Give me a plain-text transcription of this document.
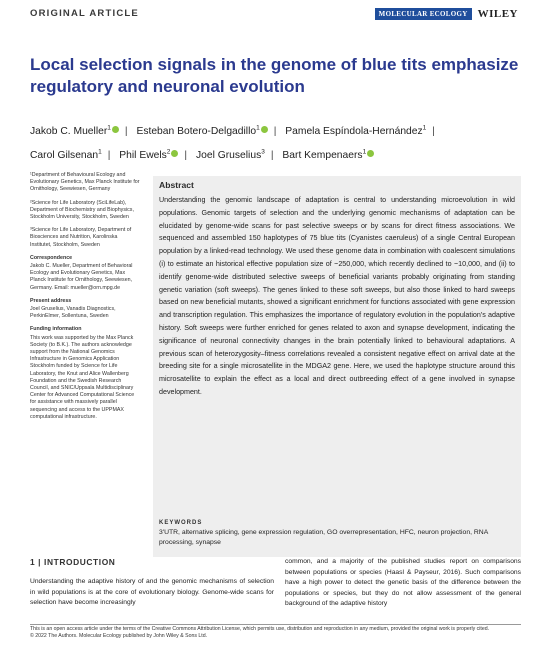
ORIGINAL ARTICLE	MOLECULAR ECOLOGY WILEY
Local selection signals in the genome of blue tits emphasize regulatory and neuronal evolution
Jakob C. Mueller$^1$ | Esteban Botero-Delgadillo$^1$ | Pamela Espíndola-Hernández$^1$ |
Carol Gilsenan$^1$ | Phil Ewels$^2$ | Joel Gruselius$^3$ | Bart Kempenaers$^1$
¹Department of Behavioural Ecology and Evolutionary Genetics, Max Planck Institute for Ornithology, Seewiesen, Germany
²Science for Life Laboratory (SciLifeLab), Department of Biochemistry and Biophysics, Stockholm University, Stockholm, Sweden
³Science for Life Laboratory, Department of Biosciences and Nutrition, Karolinska Institutet, Stockholm, Sweden
Correspondence
Jakob C. Mueller, Department of Behavioral Ecology and Evolutionary Genetics, Max Planck Institute for Ornithology, Seewiesen, Germany. Email: mueller@orn.mpg.de
Present address
Joel Gruselius, Vanadis Diagnostics, PerkinElmer, Sollentuna, Sweden
Funding information
This work was supported by the Max Planck Society (to B.K.). The authors acknowledge support from the National Genomics Infrastructure in Genomics Application Stockholm funded by Science for Life Laboratory, the Knut and Alice Wallenberg Foundation and the Swedish Research Council, and SNIC/Uppsala Multidisciplinary Center for Advanced Computational Science for assistance with massively parallel sequencing and access to the UPPMAX computational infrastructure.
Abstract
Understanding the genomic landscape of adaptation is central to understanding microevolution in wild populations. Genomic targets of selection and the underlying genomic mechanisms of adaptation can be elucidated by genome-wide scans for past selective sweeps or by scans for direct fitness associations. We sequenced and assembled 150 haplotypes of 75 blue tits (Cyanistes caeruleus) of a single Central European population by a linked-read technology. We used these genome data in combination with coalescent simulations (i) to estimate an historical effective population size of ~250,000, which recently declined to ~10,000, and (ii) to identify genome-wide distributed selective sweeps of beneficial variants probably originating from standing genetic variation (soft sweeps). The genes linked to these soft sweeps, but also those linked to hard sweeps based on new beneficial mutants, showed a significant enrichment for functions associated with gene expression and transcription regulation. This emphasizes the importance of regulatory evolution in the population's adaptive history. Soft sweeps were further enriched for genes related to axon and synapse development, indicating the significance of neuronal connectivity changes in the brain potentially linked to behavioural adaptations. A previous scan of heterozygosity–fitness correlations revealed a consistent negative effect on arrival date at the breeding site for a single microsatellite in the MDGA2 gene. Here, we used the haplotype structure around this microsatellite to explain the effect as a local and direct outbreeding effect of a gene involved in synapse development.
KEYWORDS
3'UTR, alternative splicing, gene expression regulation, GO overrepresentation, HFC, neuron projection, RNA processing, synapse
1 | INTRODUCTION
Understanding the adaptive history of and the genomic mechanisms of selection in wild populations is at the core of evolutionary biology. Genome-wide scans for selection have become increasingly
common, and a majority of the published studies report on comparisons between populations or species (Haasl & Payseur, 2016). Such comparisons have a high power to detect the genetic basis of the difference between the populations or species, but they do not allow assessment of the general background of the adaptive history
This is an open access article under the terms of the Creative Commons Attribution License, which permits use, distribution and reproduction in any medium, provided the original work is properly cited.
© 2022 The Authors. Molecular Ecology published by John Wiley & Sons Ltd.
